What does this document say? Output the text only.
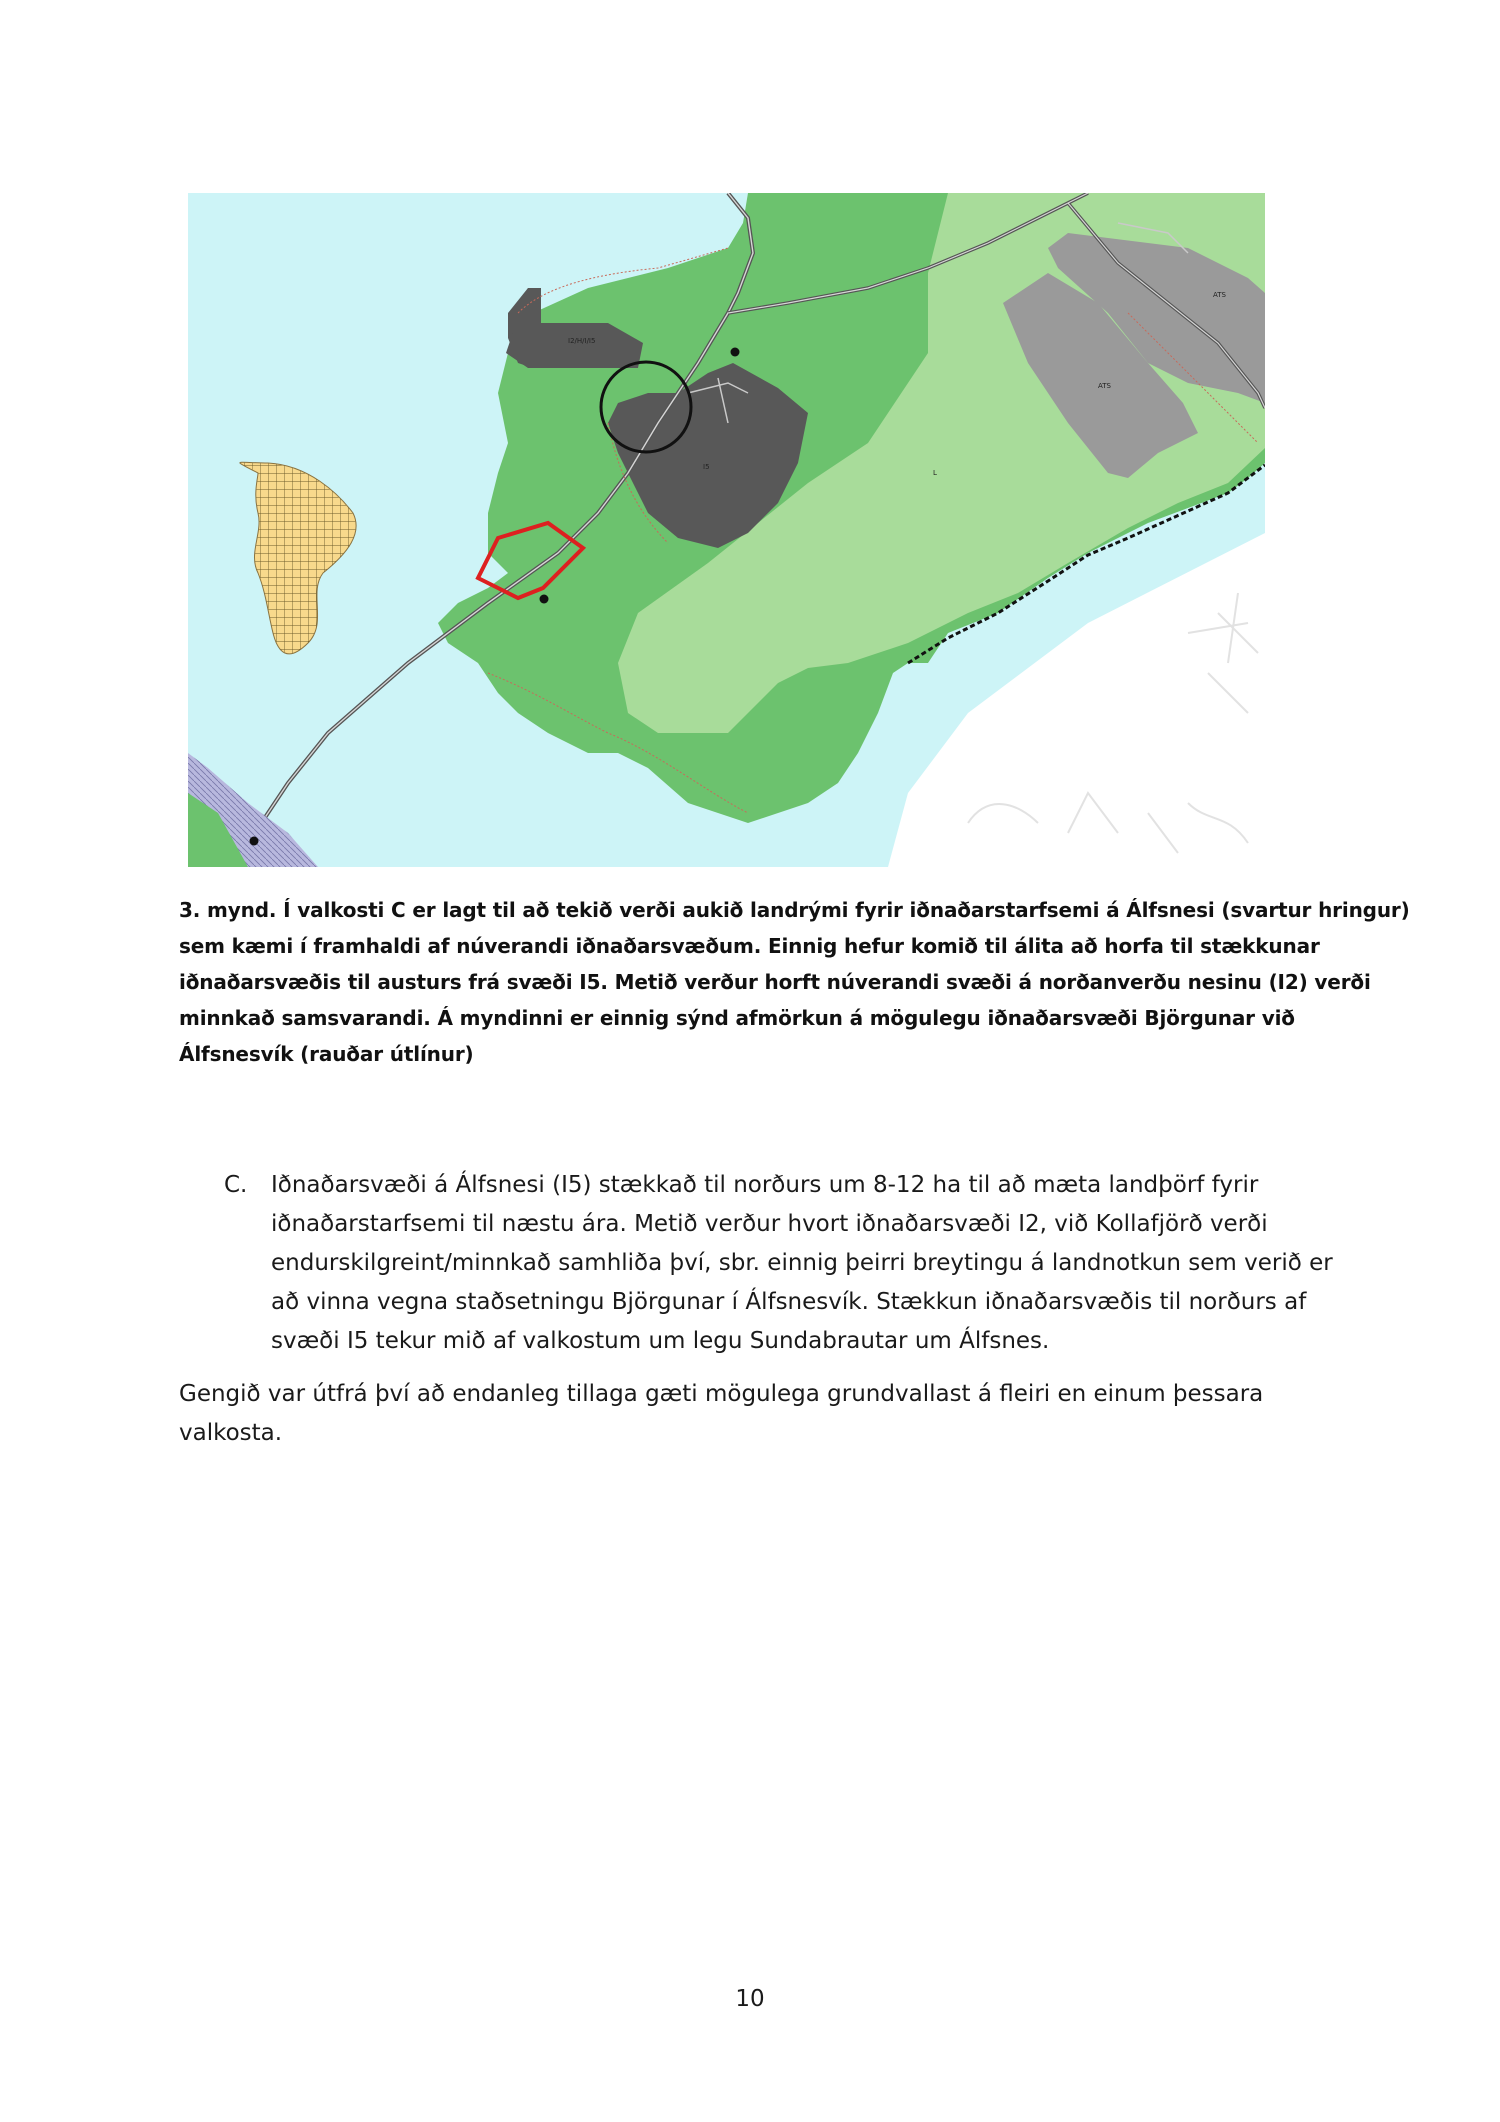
I2/H/I/I5
I5
L
ATS
ATS
3. mynd. Í valkosti C er lagt til að tekið verði aukið landrými fyrir iðnaðarstarfsemi á Álfsnesi (svartur hringur)
sem kæmi í framhaldi af núverandi iðnaðarsvæðum. Einnig hefur komið til álita að horfa til stækkunar
iðnaðarsvæðis til austurs frá svæði I5. Metið verður horft núverandi svæði á norðanverðu nesinu (I2) verði
minnkað samsvarandi. Á myndinni er einnig sýnd afmörkun á mögulegu iðnaðarsvæði Björgunar við
Álfsnesvík (rauðar útlínur)
C. Iðnaðarsvæði á Álfsnesi (I5) stækkað til norðurs um 8-12 ha til að mæta landþörf fyrir
iðnaðarstarfsemi til næstu ára. Metið verður hvort iðnaðarsvæði I2, við Kollafjörð verði
endurskilgreint/minnkað samhliða því, sbr. einnig þeirri breytingu á landnotkun sem verið er
að vinna vegna staðsetningu Björgunar í Álfsnesvík. Stækkun iðnaðarsvæðis til norðurs af
svæði I5 tekur mið af valkostum um legu Sundabrautar um Álfsnes.
Gengið var útfrá því að endanleg tillaga gæti mögulega grundvallast á fleiri en einum þessara
valkosta.
10
